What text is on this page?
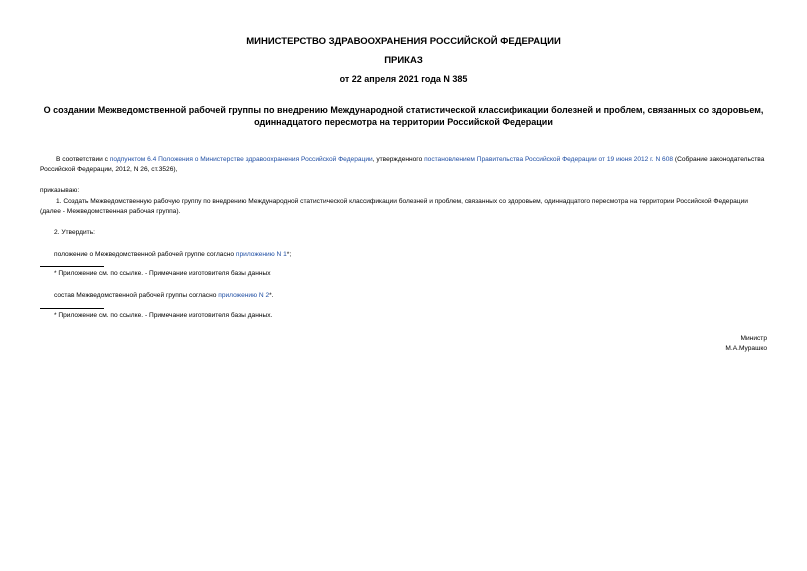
МИНИСТЕРСТВО ЗДРАВООХРАНЕНИЯ РОССИЙСКОЙ ФЕДЕРАЦИИ
ПРИКАЗ
от 22 апреля 2021 года N 385
О создании Межведомственной рабочей группы по внедрению Международной статистической классификации болезней и проблем, связанных со здоровьем, одиннадцатого пересмотра на территории Российской Федерации
В соответствии с подпунктом 6.4 Положения о Министерстве здравоохранения Российской Федерации, утвержденного постановлением Правительства Российской Федерации от 19 июня 2012 г. N 608 (Собрание законодательства Российской Федерации, 2012, N 26, ст.3526),
приказываю:
1. Создать Межведомственную рабочую группу по внедрению Международной статистической классификации болезней и проблем, связанных со здоровьем, одиннадцатого пересмотра на территории Российской Федерации (далее - Межведомственная рабочая группа).
2. Утвердить:
положение о Межведомственной рабочей группе согласно приложению N 1*;
* Приложение см. по ссылке. - Примечание изготовителя базы данных
состав Межведомственной рабочей группы согласно приложению N 2*.
* Приложение см. по ссылке. - Примечание изготовителя базы данных.
Министр
М.А.Мурашко
